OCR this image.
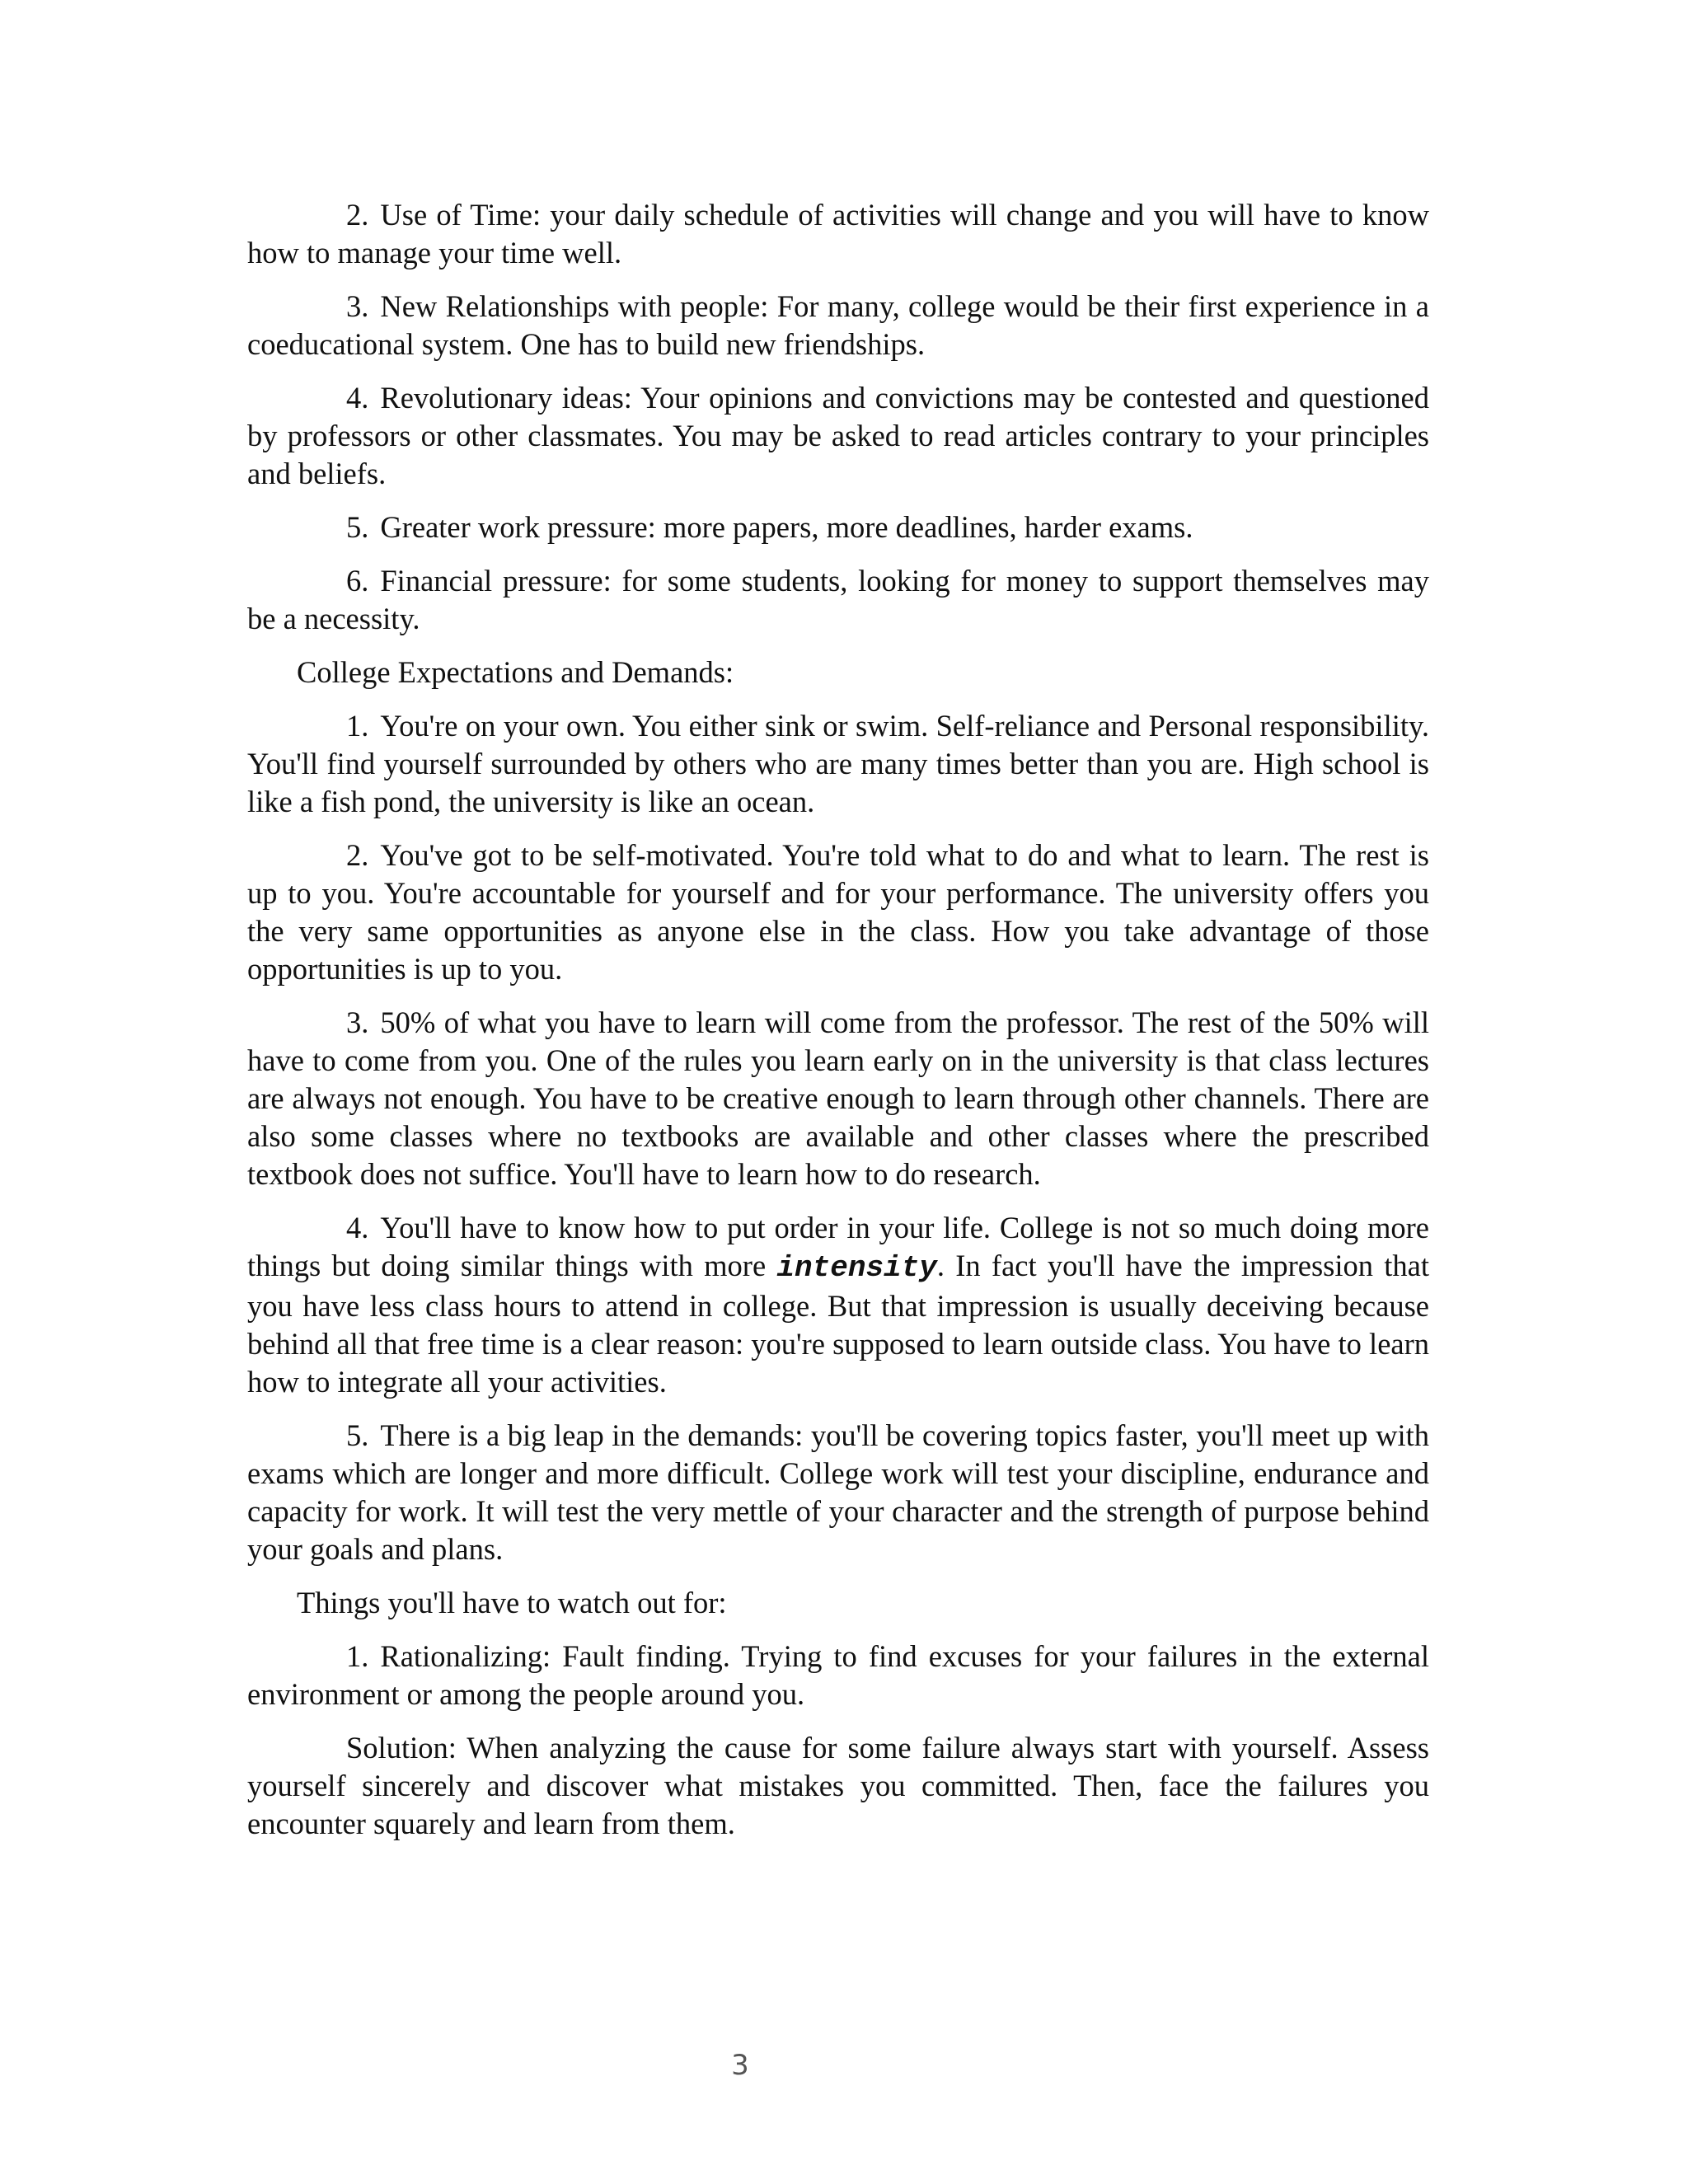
2. Use of Time: your daily schedule of activities will change and you will have to know how to manage your time well.

3. New Relationships with people: For many, college would be their first experience in a coeducational system. One has to build new friendships.

4. Revolutionary ideas: Your opinions and convictions may be contested and questioned by professors or other classmates. You may be asked to read articles contrary to your principles and beliefs.

5. Greater work pressure: more papers, more deadlines, harder exams.

6. Financial pressure: for some students, looking for money to support themselves may be a necessity.

College Expectations and Demands:

1. You're on your own. You either sink or swim. Self-reliance and Personal responsibility. You'll find yourself surrounded by others who are many times better than you are. High school is like a fish pond, the university is like an ocean.

2. You've got to be self-motivated. You're told what to do and what to learn. The rest is up to you. You're accountable for yourself and for your performance. The university offers you the very same opportunities as anyone else in the class. How you take advantage of those opportunities is up to you.

3. 50% of what you have to learn will come from the professor. The rest of the 50% will have to come from you. One of the rules you learn early on in the university is that class lectures are always not enough. You have to be creative enough to learn through other channels. There are also some classes where no textbooks are available and other classes where the prescribed textbook does not suffice. You'll have to learn how to do research.

4. You'll have to know how to put order in your life. College is not so much doing more things but doing similar things with more intensity. In fact you'll have the impression that you have less class hours to attend in college. But that impression is usually deceiving because behind all that free time is a clear reason: you're supposed to learn outside class. You have to learn how to integrate all your activities.

5. There is a big leap in the demands: you'll be covering topics faster, you'll meet up with exams which are longer and more difficult. College work will test your discipline, endurance and capacity for work. It will test the very mettle of your character and the strength of purpose behind your goals and plans.

Things you'll have to watch out for:

1. Rationalizing: Fault finding. Trying to find excuses for your failures in the external environment or among the people around you.

Solution: When analyzing the cause for some failure always start with yourself. Assess yourself sincerely and discover what mistakes you committed. Then, face the failures you encounter squarely and learn from them.

3
